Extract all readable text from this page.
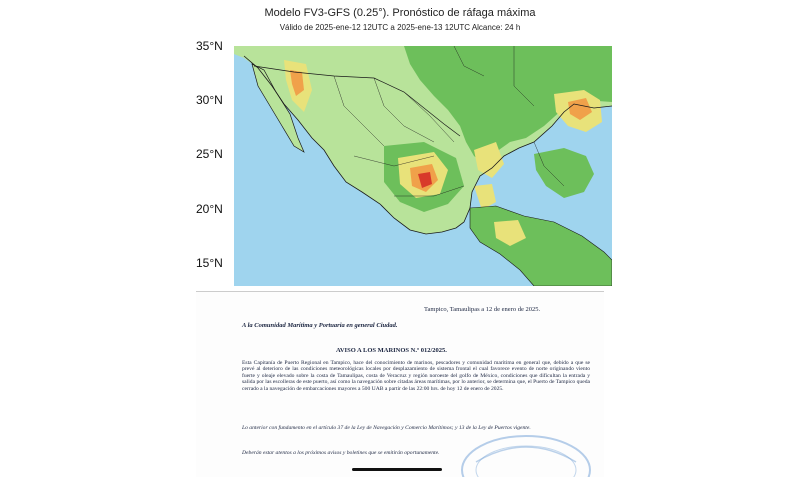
Modelo FV3-GFS (0.25°). Pronóstico de ráfaga máxima
Válido de 2025-ene-12 12UTC a 2025-ene-13 12UTC Alcance: 24 h
35°N
30°N
25°N
20°N
15°N
Tampico, Tamaulipas a 12 de enero de 2025.
A la Comunidad Marítima y Portuaria en general Ciudad.
AVISO A LOS MARINOS N.º 012/2025.
Esta Capitanía de Puerto Regional en Tampico, hace del conocimiento de marinos, pescadores y comunidad marítima en general que, debido a que se prevé al deterioro de las condiciones meteorológicas locales por desplazamiento de sistema frontal el cual favorece evento de norte originando viento fuerte y oleaje elevado sobre la costa de Tamaulipas, costa de Veracruz y región noroeste del golfo de México, condiciones que dificultan la entrada y salida por las escolleras de este puerto, así como la navegación sobre citadas áreas marítimas, por lo anterior, se determina que, el Puerto de Tampico queda cerrado a la navegación de embarcaciones mayores a 500 UAB a partir de las 22:00 hrs. de hoy 12 de enero de 2025.
Lo anterior con fundamento en el artículo 37 de la Ley de Navegación y Comercio Marítimos; y 13 de la Ley de Puertos vigente.
Deberán estar atentos a los próximos avisos y boletines que se emitirán oportunamente.
